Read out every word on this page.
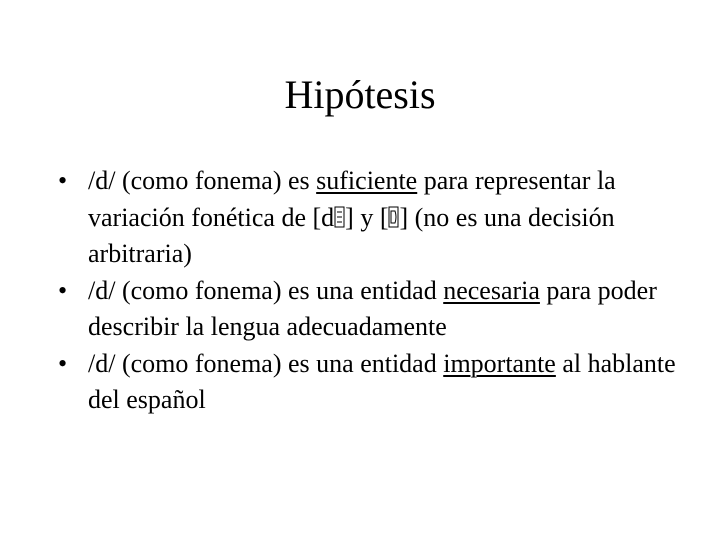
Hipótesis
• /d/ (como fonema) es suficiente para representar la variación fonética de [d ] y [ ] (no es una decisión arbitraria)
• /d/ (como fonema) es una entidad necesaria para poder describir la lengua adecuadamente
• /d/ (como fonema) es una entidad importante al hablante del español
